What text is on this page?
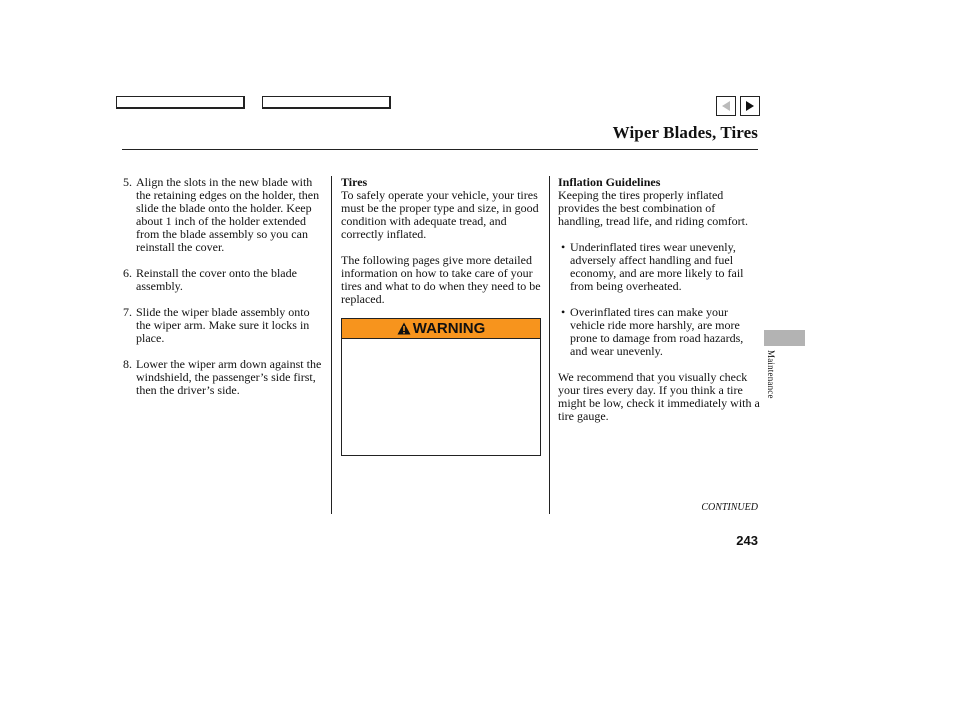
Wiper Blades, Tires
5. Align the slots in the new blade with the retaining edges on the holder, then slide the blade onto the holder. Keep about 1 inch of the holder extended from the blade assembly so you can reinstall the cover.
6. Reinstall the cover onto the blade assembly.
7. Slide the wiper blade assembly onto the wiper arm. Make sure it locks in place.
8. Lower the wiper arm down against the windshield, the passenger’s side first, then the driver’s side.
Tires

To safely operate your vehicle, your tires must be the proper type and size, in good condition with adequate tread, and correctly inflated.

The following pages give more detailed information on how to take care of your tires and what to do when they need to be replaced.

WARNING
Inflation Guidelines

Keeping the tires properly inflated provides the best combination of handling, tread life, and riding comfort.

• Underinflated tires wear unevenly, adversely affect handling and fuel economy, and are more likely to fail from being overheated.
• Overinflated tires can make your vehicle ride more harshly, are more prone to damage from road hazards, and wear unevenly.

We recommend that you visually check your tires every day. If you think a tire might be low, check it immediately with a tire gauge.

Maintenance
CONTINUED
243
